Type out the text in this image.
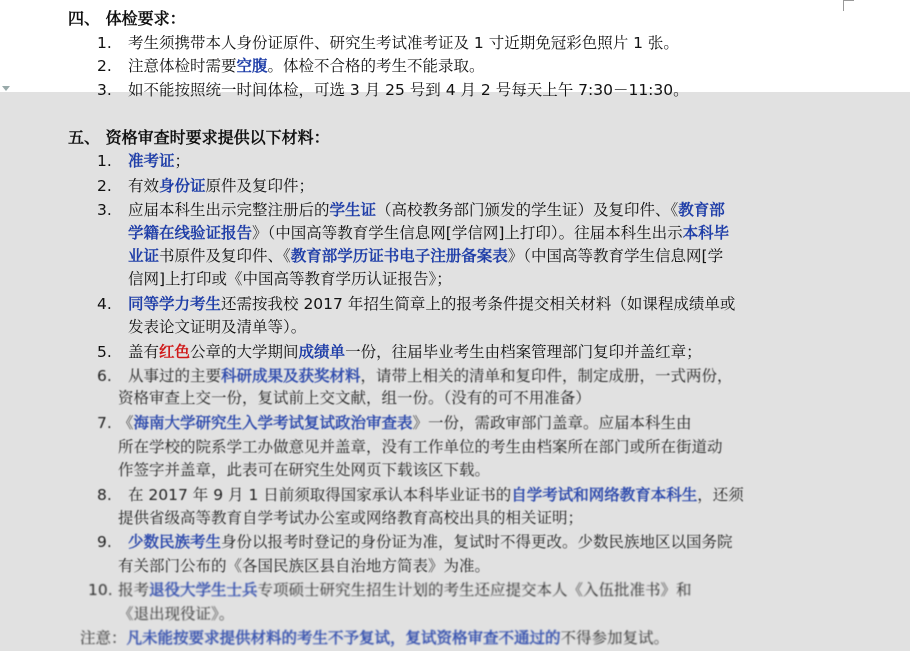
四、 体检要求：
1. 考生须携带本人身份证原件、研究生考试准考证及 1 寸近期免冠彩色照片 1 张。
2. 注意体检时需要空腹。体检不合格的考生不能录取。
3. 如不能按照统一时间体检，可选 3 月 25 号到 4 月 2 号每天上午 7:30－11:30。
五、 资格审查时要求提供以下材料：
1. 准考证；
2. 有效身份证原件及复印件；
3. 应届本科生出示完整注册后的学生证（高校教务部门颁发的学生证）及复印件、《教育部
学籍在线验证报告》（中国高等教育学生信息网[学信网]上打印）。往届本科生出示本科毕
业证书原件及复印件、《教育部学历证书电子注册备案表》（中国高等教育学生信息网[学
信网]上打印或《中国高等教育学历认证报告》；
4. 同等学力考生还需按我校 2017 年招生简章上的报考条件提交相关材料（如课程成绩单或
发表论文证明及清单等）。
5. 盖有红色公章的大学期间成绩单一份，往届毕业考生由档案管理部门复印并盖红章；
6. 从事过的主要科研成果及获奖材料，请带上相关的清单和复印件，制定成册，一式两份，
资格审查上交一份，复试前上交文献，组一份。（没有的可不用准备）
7. 《海南大学研究生入学考试复试政治审查表》一份，需政审部门盖章。应届本科生由
所在学校的院系学工办做意见并盖章，没有工作单位的考生由档案所在部门或所在街道动
作签字并盖章，此表可在研究生处网页下载该区下载。
8. 在 2017 年 9 月 1 日前须取得国家承认本科毕业证书的自学考试和网络教育本科生，还须
提供省级高等教育自学考试办公室或网络教育高校出具的相关证明；
9. 少数民族考生身份以报考时登记的身份证为准，复试时不得更改。少数民族地区以国务院
有关部门公布的《各国民族区县自治地方简表》为准。
10. 报考退役大学生士兵专项硕士研究生招生计划的考生还应提交本人《入伍批准书》和
《退出现役证》。
注意：凡未能按要求提供材料的考生不予复试，复试资格审查不通过的不得参加复试。
